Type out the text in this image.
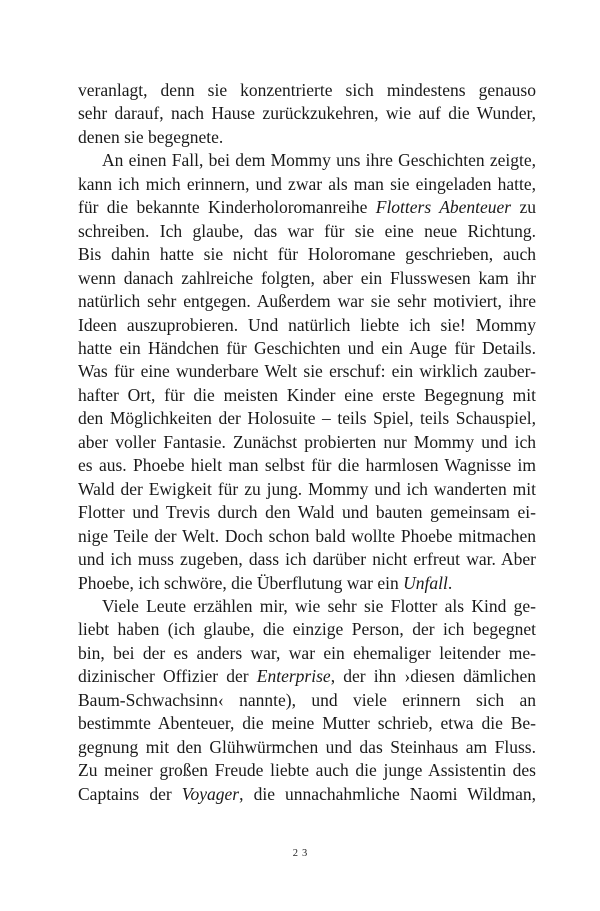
veranlagt, denn sie konzentrierte sich mindestens genauso
sehr darauf, nach Hause zurückzukehren, wie auf die Wunder,
denen sie begegnete.
An einen Fall, bei dem Mommy uns ihre Geschichten zeigte,
kann ich mich erinnern, und zwar als man sie eingeladen hatte,
für die bekannte Kinderholoromanreihe Flotters Abenteuer zu
schreiben. Ich glaube, das war für sie eine neue Richtung.
Bis dahin hatte sie nicht für Holoromane geschrieben, auch
wenn danach zahlreiche folgten, aber ein Flusswesen kam ihr
natürlich sehr entgegen. Außerdem war sie sehr motiviert, ihre
Ideen auszuprobieren. Und natürlich liebte ich sie! Mommy
hatte ein Händchen für Geschichten und ein Auge für Details.
Was für eine wunderbare Welt sie erschuf: ein wirklich zauber-
hafter Ort, für die meisten Kinder eine erste Begegnung mit
den Möglichkeiten der Holosuite – teils Spiel, teils Schauspiel,
aber voller Fantasie. Zunächst probierten nur Mommy und ich
es aus. Phoebe hielt man selbst für die harmlosen Wagnisse im
Wald der Ewigkeit für zu jung. Mommy und ich wanderten mit
Flotter und Trevis durch den Wald und bauten gemeinsam ei-
nige Teile der Welt. Doch schon bald wollte Phoebe mitmachen
und ich muss zugeben, dass ich darüber nicht erfreut war. Aber
Phoebe, ich schwöre, die Überflutung war ein Unfall.
Viele Leute erzählen mir, wie sehr sie Flotter als Kind ge-
liebt haben (ich glaube, die einzige Person, der ich begegnet
bin, bei der es anders war, war ein ehemaliger leitender me-
dizinischer Offizier der Enterprise, der ihn ›diesen dämlichen
Baum-Schwachsinn‹ nannte), und viele erinnern sich an
bestimmte Abenteuer, die meine Mutter schrieb, etwa die Be-
gegnung mit den Glühwürmchen und das Steinhaus am Fluss.
Zu meiner großen Freude liebte auch die junge Assistentin des
Captains der Voyager, die unnachahmliche Naomi Wildman,
23
